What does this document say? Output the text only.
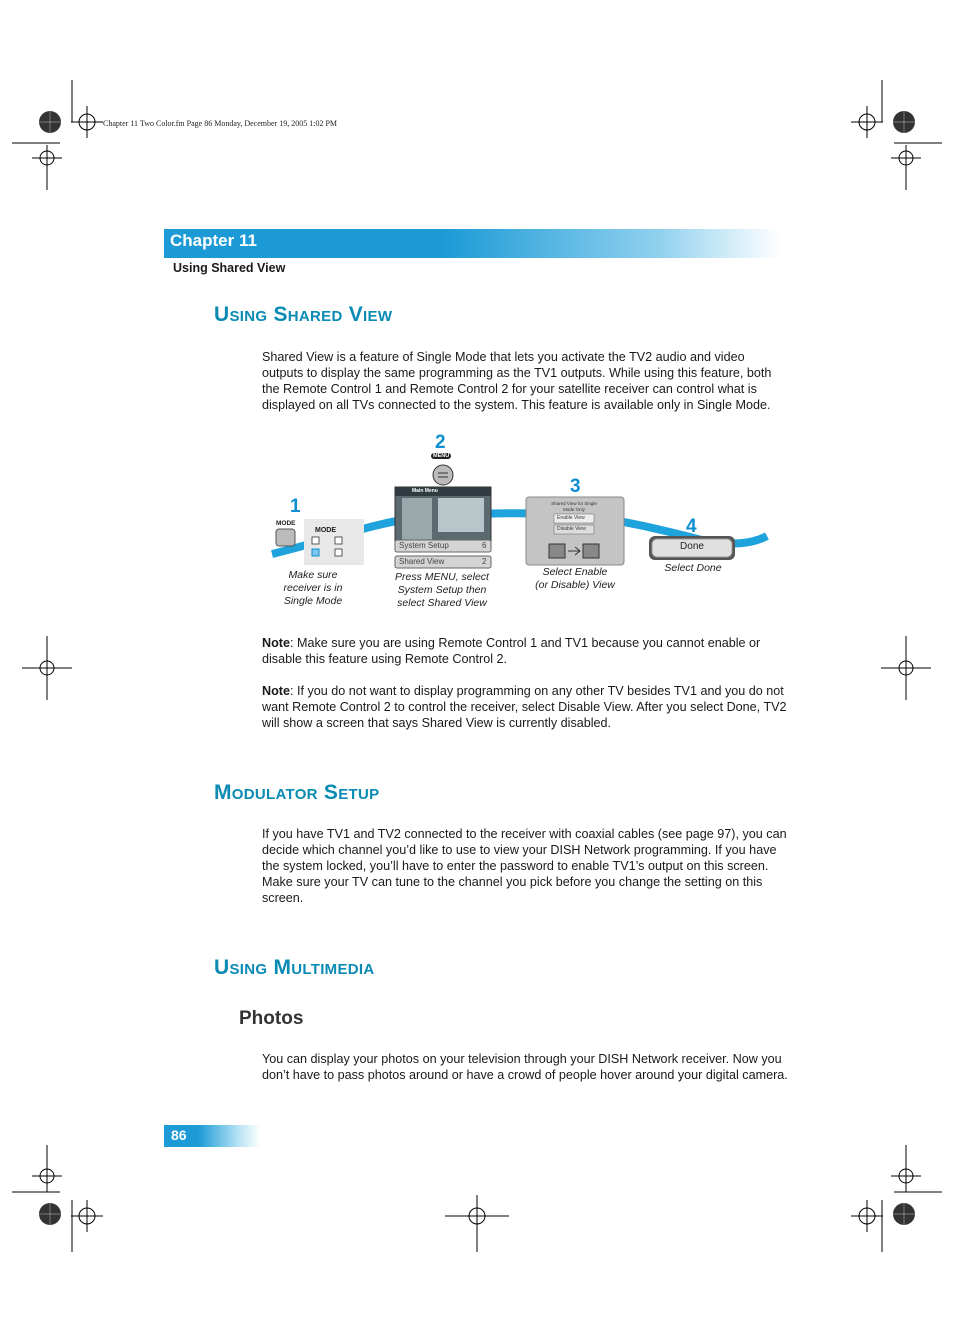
Chapter 11 Two Color.fm Page 86 Monday, December 19, 2005 1:02 PM
Chapter 11
Using Shared View
Using Shared View
Shared View is a feature of Single Mode that lets you activate the TV2 audio and video outputs to display the same programming as the TV1 outputs. While using this feature, both the Remote Control 1 and Remote Control 2 for your satellite receiver can control what is displayed on all TVs connected to the system. This feature is available only in Single Mode.
1
MODE
MODE
Make sure
receiver is in
Single Mode
2
MENU
Main Menu
System Setup	6
Shared View	2
Press MENU, select
System Setup then
select Shared View
3
Shared View for Single Mode Only
Enable View
Disable View
Select Enable
(or Disable) View
4
Done
Select Done
Note: Make sure you are using Remote Control 1 and TV1 because you cannot enable or disable this feature using Remote Control 2.
Note: If you do not want to display programming on any other TV besides TV1 and you do not want Remote Control 2 to control the receiver, select Disable View. After you select Done, TV2 will show a screen that says Shared View is currently disabled.
Modulator Setup
If you have TV1 and TV2 connected to the receiver with coaxial cables (see page 97), you can decide which channel you’d like to use to view your DISH Network programming. If you have the system locked, you’ll have to enter the password to enable TV1’s output on this screen. Make sure your TV can tune to the channel you pick before you change the setting on this screen.
Using Multimedia
Photos
You can display your photos on your television through your DISH Network receiver. Now you don’t have to pass photos around or have a crowd of people hover around your digital camera.
86
